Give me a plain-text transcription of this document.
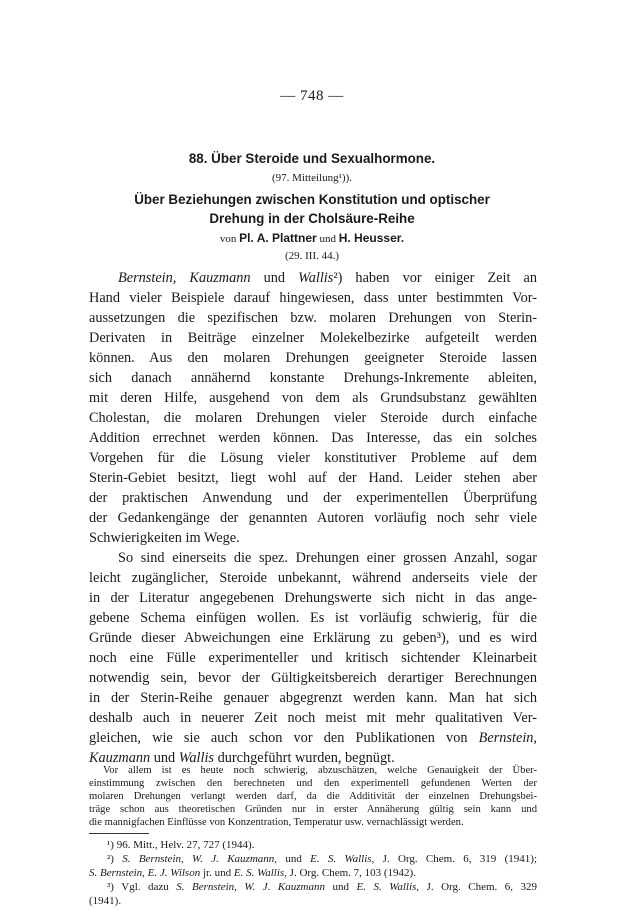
— 748 —
88. Über Steroide und Sexualhormone.
(97. Mitteilung¹)).
Über Beziehungen zwischen Konstitution und optischer
Drehung in der Cholsäure-Reihe
von Pl. A. Plattner und H. Heusser.
(29. III. 44.)
Bernstein, Kauzmann und Wallis²) haben vor einiger Zeit an
Hand vieler Beispiele darauf hingewiesen, dass unter bestimmten Vor-
aussetzungen die spezifischen bzw. molaren Drehungen von Sterin-
Derivaten in Beiträge einzelner Molekelbezirke aufgeteilt werden
können. Aus den molaren Drehungen geeigneter Steroide lassen
sich danach annähernd konstante Drehungs-Inkremente ableiten,
mit deren Hilfe, ausgehend von dem als Grundsubstanz gewählten
Cholestan, die molaren Drehungen vieler Steroide durch einfache
Addition errechnet werden können. Das Interesse, das ein solches
Vorgehen für die Lösung vieler konstitutiver Probleme auf dem
Sterin-Gebiet besitzt, liegt wohl auf der Hand. Leider stehen aber
der praktischen Anwendung und der experimentellen Überprüfung
der Gedankengänge der genannten Autoren vorläufig noch sehr viele
Schwierigkeiten im Wege.
So sind einerseits die spez. Drehungen einer grossen Anzahl, sogar
leicht zugänglicher, Steroide unbekannt, während anderseits viele der
in der Literatur angegebenen Drehungswerte sich nicht in das ange-
gebene Schema einfügen wollen. Es ist vorläufig schwierig, für die
Gründe dieser Abweichungen eine Erklärung zu geben³), und es wird
noch eine Fülle experimenteller und kritisch sichtender Kleinarbeit
notwendig sein, bevor der Gültigkeitsbereich derartiger Berechnungen
in der Sterin-Reihe genauer abgegrenzt werden kann. Man hat sich
deshalb auch in neuerer Zeit noch meist mit mehr qualitativen Ver-
gleichen, wie sie auch schon vor den Publikationen von Bernstein,
Kauzmann und Wallis durchgeführt wurden, begnügt.
Vor allem ist es heute noch schwierig, abzuschätzen, welche Genauigkeit der Über-
einstimmung zwischen den berechneten und den experimentell gefundenen Werten der
molaren Drehungen verlangt werden darf, da die Additivität der einzelnen Drehungsbei-
träge schon aus theoretischen Gründen nur in erster Annäherung gültig sein kann und
die mannigfachen Einflüsse von Konzentration, Temperatur usw. vernachlässigt werden.
¹) 96. Mitt., Helv. 27, 727 (1944).
²) S. Bernstein, W. J. Kauzmann, und E. S. Wallis, J. Org. Chem. 6, 319 (1941);
S. Bernstein, E. J. Wilson jr. und E. S. Wallis, J. Org. Chem. 7, 103 (1942).
³) Vgl. dazu S. Bernstein, W. J. Kauzmann und E. S. Wallis, J. Org. Chem. 6, 329
(1941).
